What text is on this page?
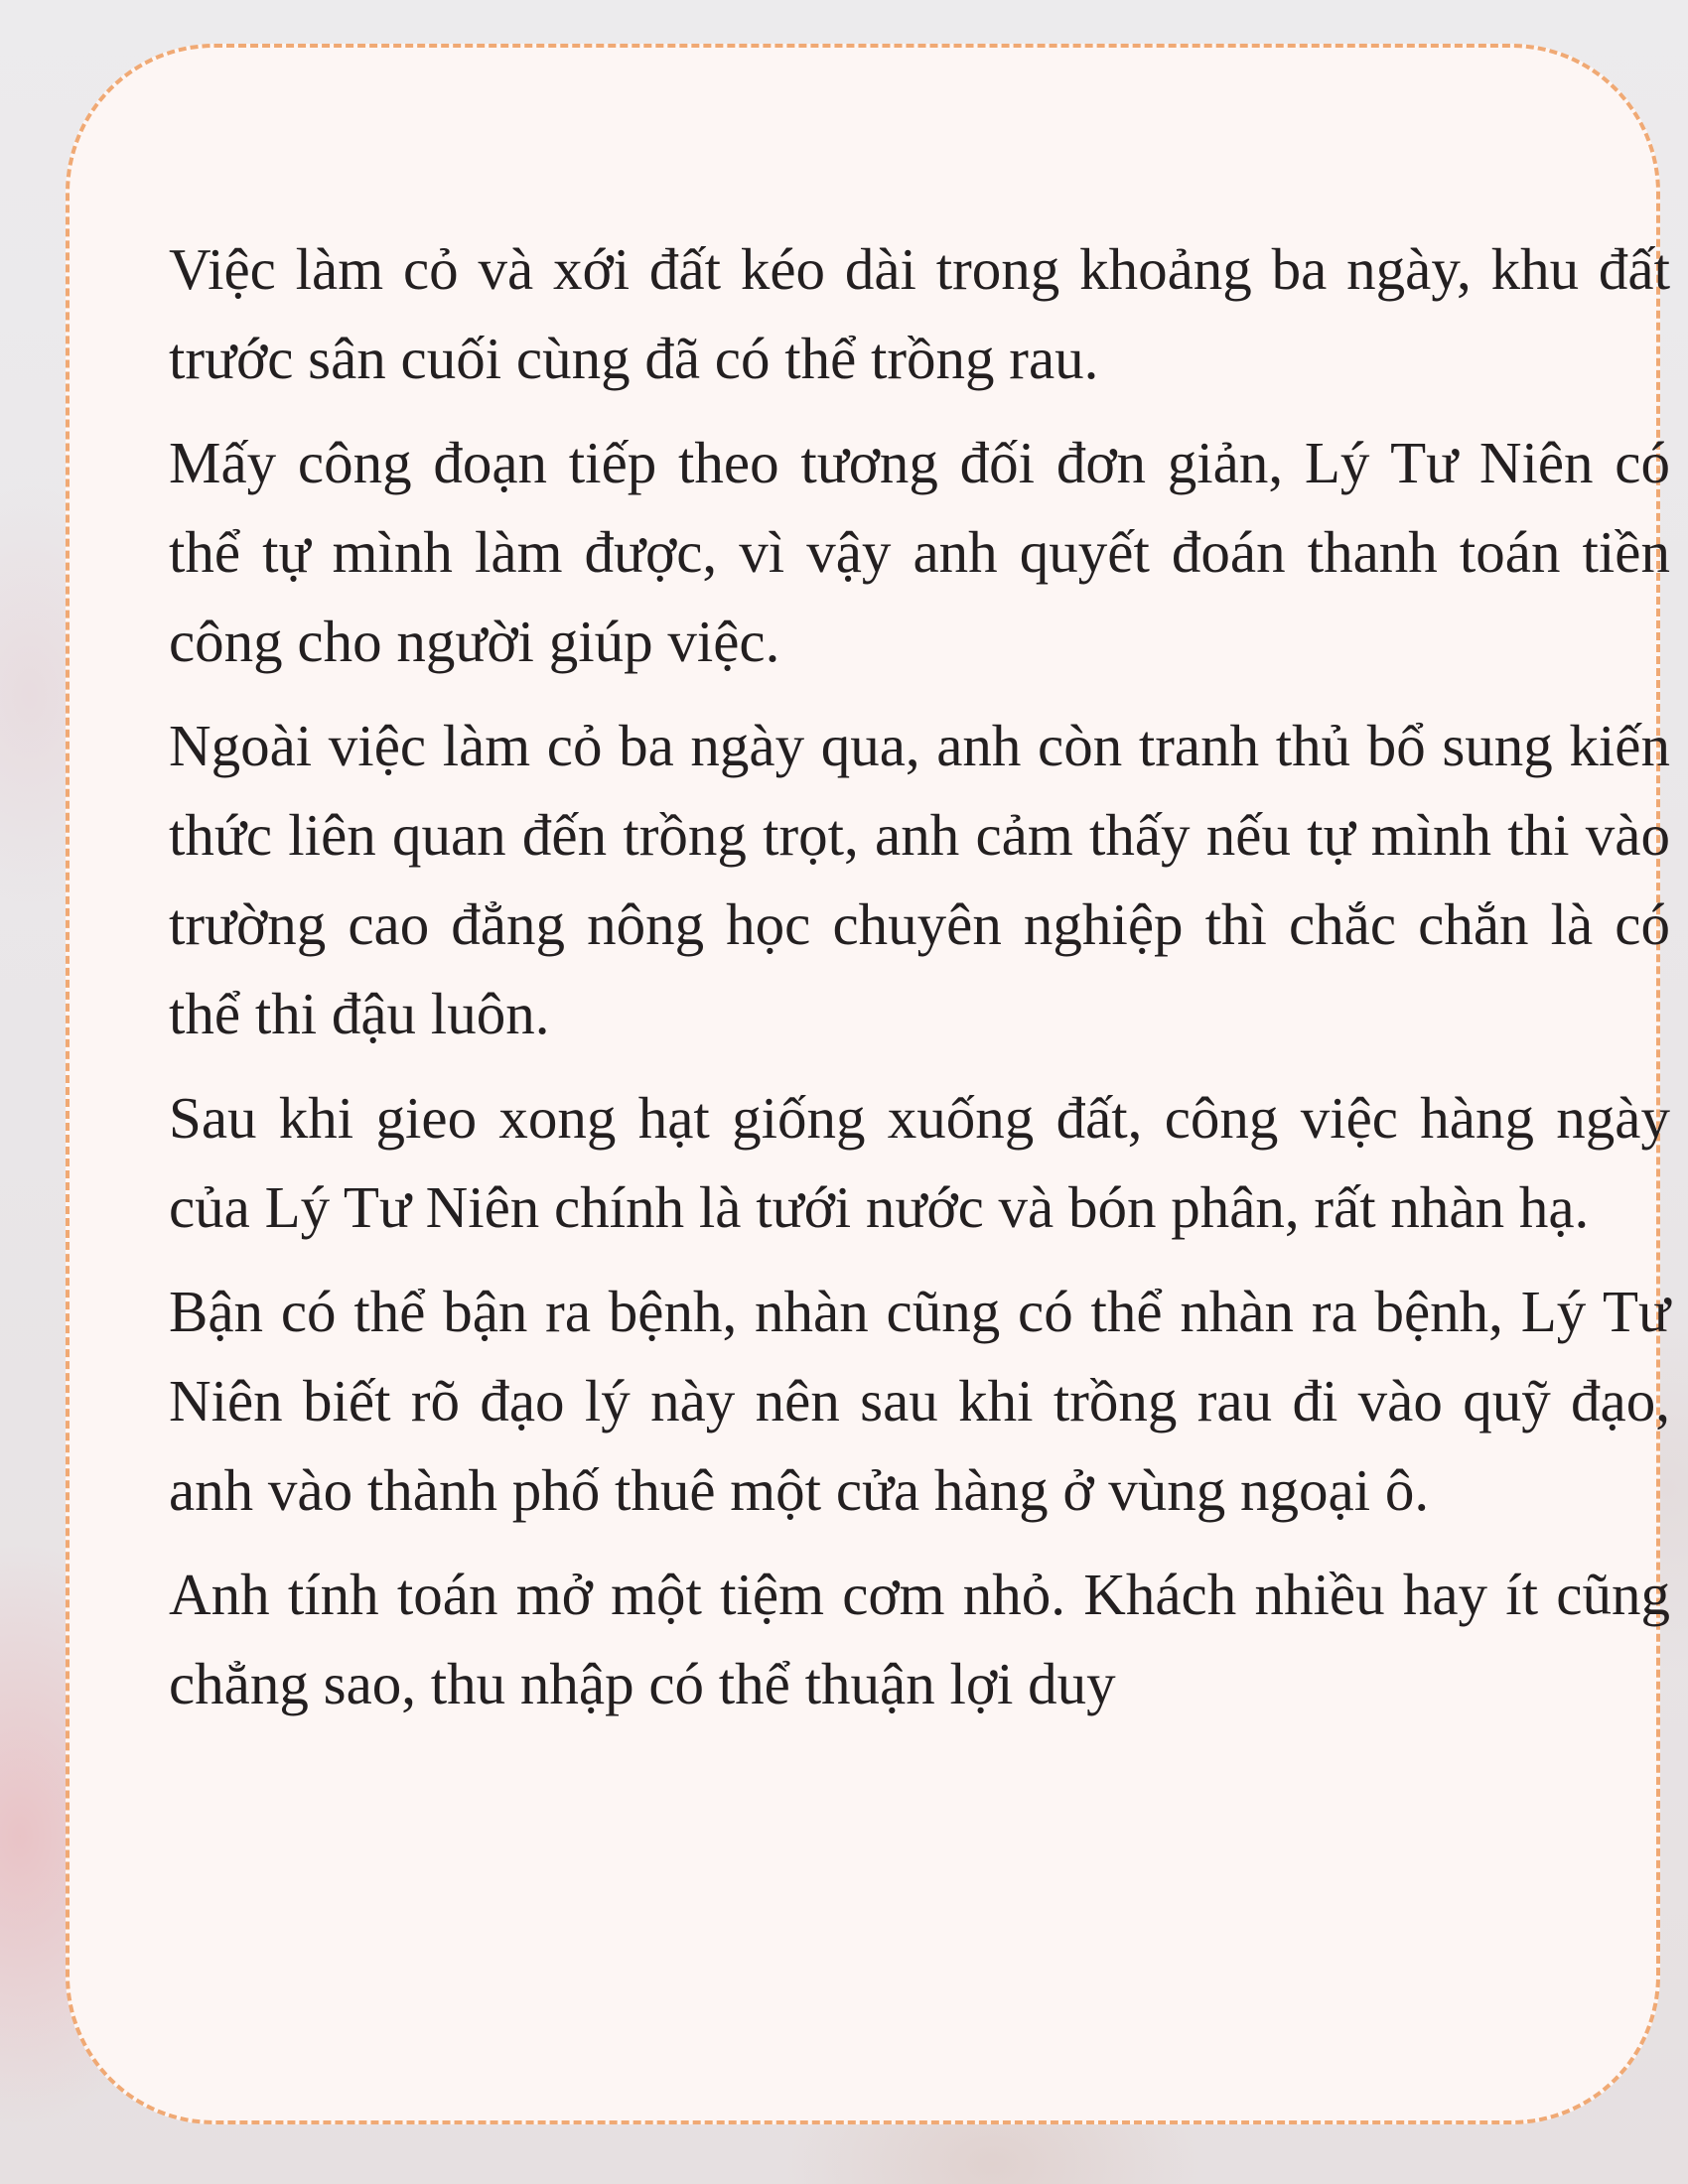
Việc làm cỏ và xới đất kéo dài trong khoảng ba ngày, khu đất trước sân cuối cùng đã có thể trồng rau.

Mấy công đoạn tiếp theo tương đối đơn giản, Lý Tư Niên có thể tự mình làm được, vì vậy anh quyết đoán thanh toán tiền công cho người giúp việc.

Ngoài việc làm cỏ ba ngày qua, anh còn tranh thủ bổ sung kiến thức liên quan đến trồng trọt, anh cảm thấy nếu tự mình thi vào trường cao đẳng nông học chuyên nghiệp thì chắc chắn là có thể thi đậu luôn.

Sau khi gieo xong hạt giống xuống đất, công việc hàng ngày của Lý Tư Niên chính là tưới nước và bón phân, rất nhàn hạ.

Bận có thể bận ra bệnh, nhàn cũng có thể nhàn ra bệnh, Lý Tư Niên biết rõ đạo lý này nên sau khi trồng rau đi vào quỹ đạo, anh vào thành phố thuê một cửa hàng ở vùng ngoại ô.

Anh tính toán mở một tiệm cơm nhỏ. Khách nhiều hay ít cũng chẳng sao, thu nhập có thể thuận lợi duy
